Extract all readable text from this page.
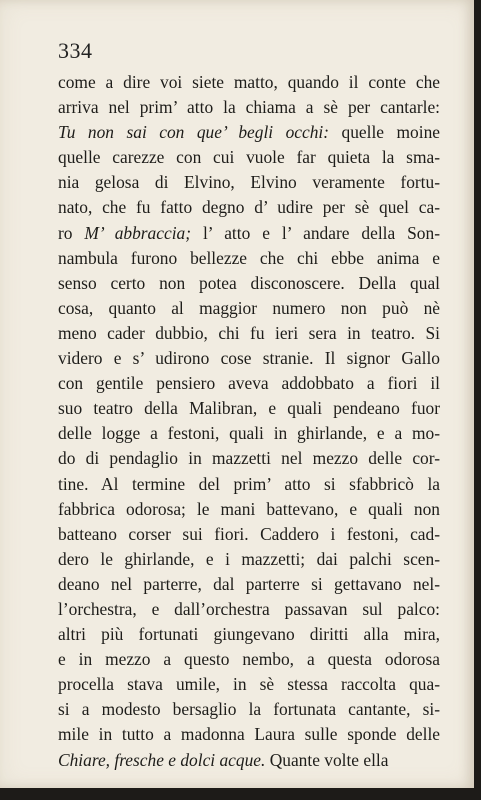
334
come a dire voi siete matto, quando il conte che
arriva nel prim’ atto la chiama a sè per cantarle:
Tu non sai con que’ begli occhi: quelle moine
quelle carezze con cui vuole far quieta la sma-
nia gelosa di Elvino, Elvino veramente fortu-
nato, che fu fatto degno d’ udire per sè quel ca-
ro M’ abbraccia; l’ atto e l’ andare della Son-
nambula furono bellezze che chi ebbe anima e
senso certo non potea disconoscere. Della qual
cosa, quanto al maggior numero non può nè
meno cader dubbio, chi fu ieri sera in teatro. Si
videro e s’ udirono cose stranie. Il signor Gallo
con gentile pensiero aveva addobbato a fiori il
suo teatro della Malibran, e quali pendeano fuor
delle logge a festoni, quali in ghirlande, e a mo-
do di pendaglio in mazzetti nel mezzo delle cor-
tine. Al termine del prim’ atto si sfabbricò la
fabbrica odorosa; le mani battevano, e quali non
batteano corser sui fiori. Caddero i festoni, cad-
dero le ghirlande, e i mazzetti; dai palchi scen-
deano nel parterre, dal parterre si gettavano nel-
l’orchestra, e dall’orchestra passavan sul palco:
altri più fortunati giungevano diritti alla mira,
e in mezzo a questo nembo, a questa odorosa
procella stava umile, in sè stessa raccolta qua-
si a modesto bersaglio la fortunata cantante, si-
mile in tutto a madonna Laura sulle sponde delle
Chiare, fresche e dolci acque. Quante volte ella
